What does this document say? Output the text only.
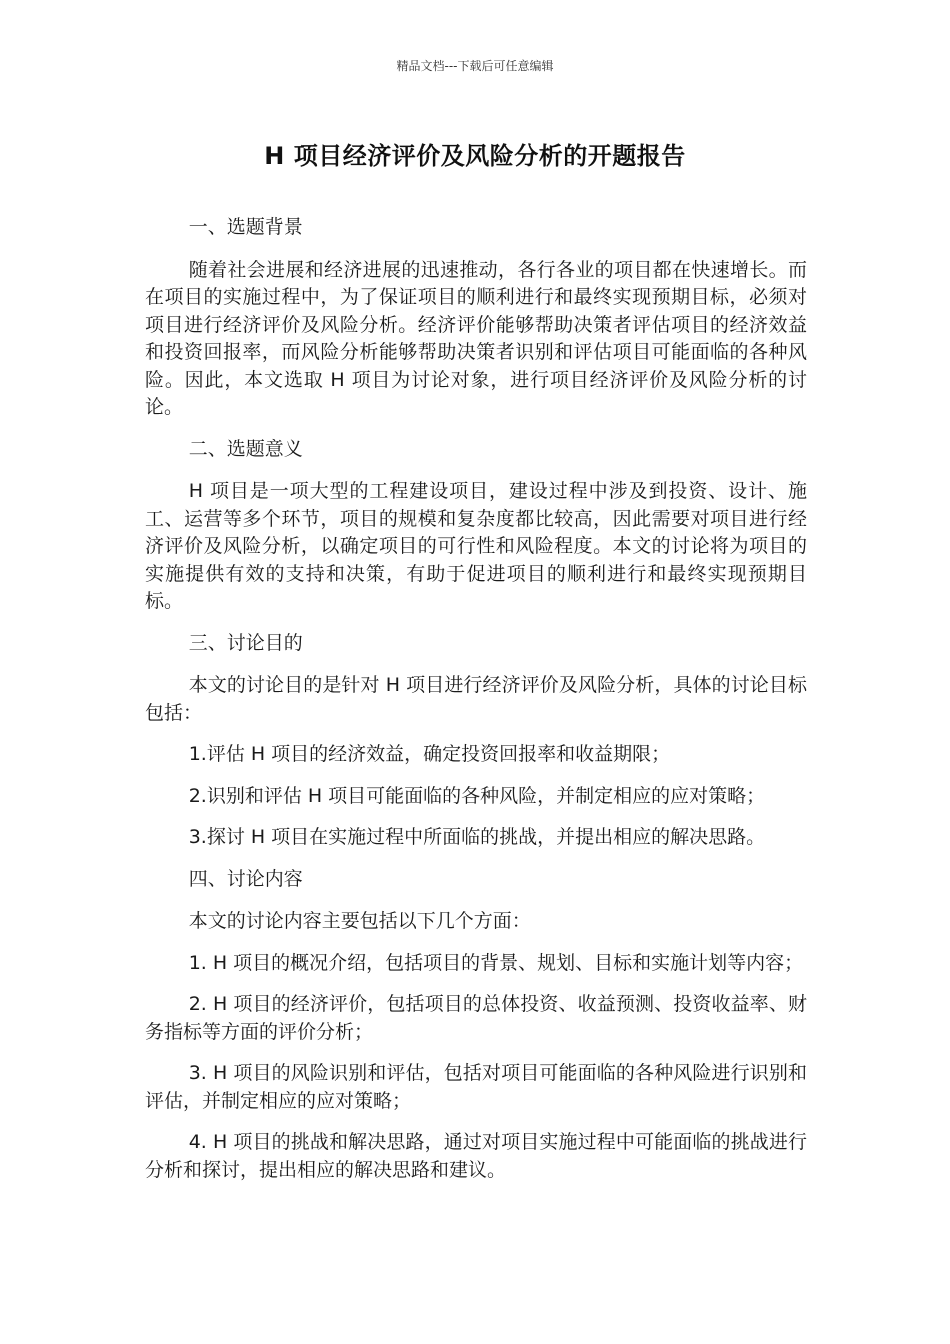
精品文档---下载后可任意编辑
H 项目经济评价及风险分析的开题报告

一、选题背景

随着社会进展和经济进展的迅速推动，各行各业的项目都在快速增长。而在项目的实施过程中，为了保证项目的顺利进行和最终实现预期目标，必须对项目进行经济评价及风险分析。经济评价能够帮助决策者评估项目的经济效益和投资回报率，而风险分析能够帮助决策者识别和评估项目可能面临的各种风险。因此，本文选取 H 项目为讨论对象，进行项目经济评价及风险分析的讨论。

二、选题意义

H 项目是一项大型的工程建设项目，建设过程中涉及到投资、设计、施工、运营等多个环节，项目的规模和复杂度都比较高，因此需要对项目进行经济评价及风险分析，以确定项目的可行性和风险程度。本文的讨论将为项目的实施提供有效的支持和决策，有助于促进项目的顺利进行和最终实现预期目标。

三、讨论目的

本文的讨论目的是针对 H 项目进行经济评价及风险分析，具体的讨论目标包括：

1.评估 H 项目的经济效益，确定投资回报率和收益期限；

2.识别和评估 H 项目可能面临的各种风险，并制定相应的应对策略；

3.探讨 H 项目在实施过程中所面临的挑战，并提出相应的解决思路。

四、讨论内容

本文的讨论内容主要包括以下几个方面：

1. H 项目的概况介绍，包括项目的背景、规划、目标和实施计划等内容；

2. H 项目的经济评价，包括项目的总体投资、收益预测、投资收益率、财务指标等方面的评价分析；

3. H 项目的风险识别和评估，包括对项目可能面临的各种风险进行识别和评估，并制定相应的应对策略；

4. H 项目的挑战和解决思路，通过对项目实施过程中可能面临的挑战进行分析和探讨，提出相应的解决思路和建议。
